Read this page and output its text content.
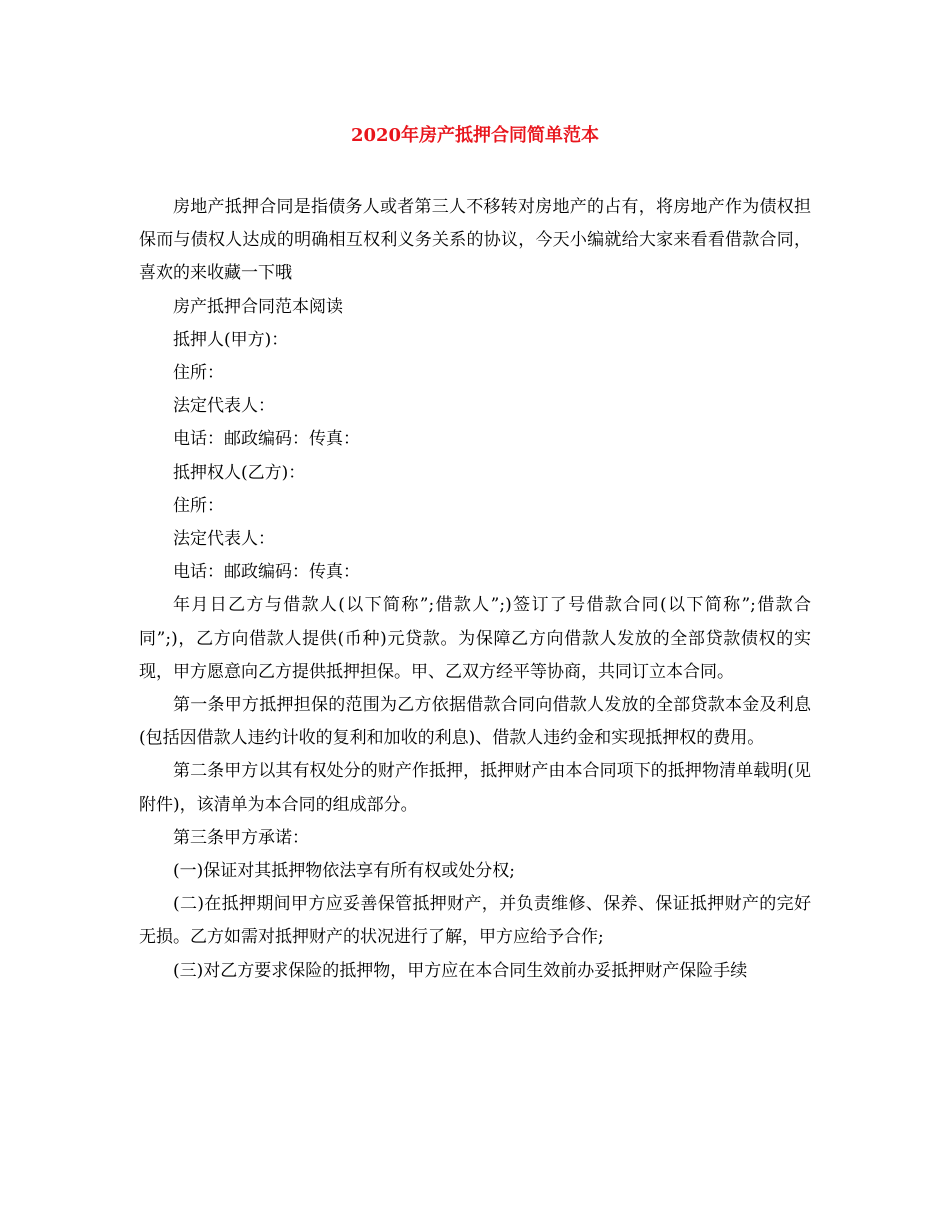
2020年房产抵押合同简单范本

房地产抵押合同是指债务人或者第三人不移转对房地产的占有，将房地产作为债权担保而与债权人达成的明确相互权利义务关系的协议，今天小编就给大家来看看借款合同，喜欢的来收藏一下哦

房产抵押合同范本阅读

抵押人(甲方)：

住所：

法定代表人：

电话：邮政编码：传真：

抵押权人(乙方)：

住所：

法定代表人：

电话：邮政编码：传真：

年月日乙方与借款人(以下简称”;借款人”;)签订了号借款合同(以下简称”;借款合同”;)，乙方向借款人提供(币种)元贷款。为保障乙方向借款人发放的全部贷款债权的实现，甲方愿意向乙方提供抵押担保。甲、乙双方经平等协商，共同订立本合同。

第一条甲方抵押担保的范围为乙方依据借款合同向借款人发放的全部贷款本金及利息(包括因借款人违约计收的复利和加收的利息)、借款人违约金和实现抵押权的费用。

第二条甲方以其有权处分的财产作抵押，抵押财产由本合同项下的抵押物清单载明(见附件)，该清单为本合同的组成部分。

第三条甲方承诺：

(一)保证对其抵押物依法享有所有权或处分权;

(二)在抵押期间甲方应妥善保管抵押财产，并负责维修、保养、保证抵押财产的完好无损。乙方如需对抵押财产的状况进行了解，甲方应给予合作;

(三)对乙方要求保险的抵押物，甲方应在本合同生效前办妥抵押财产保险手续
